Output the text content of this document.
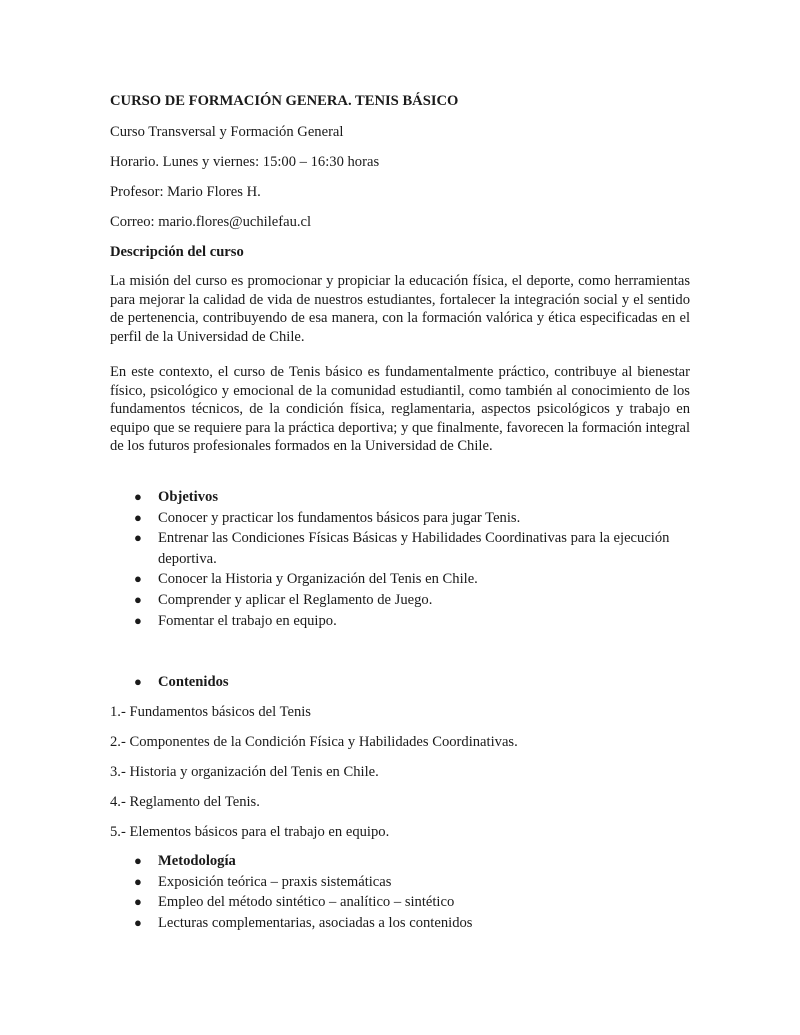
CURSO DE FORMACIÓN GENERA. TENIS BÁSICO
Curso Transversal y Formación General
Horario. Lunes y viernes: 15:00 – 16:30 horas
Profesor: Mario Flores H.
Correo: mario.flores@uchilefau.cl
Descripción del curso
La misión del curso es promocionar y propiciar la educación física, el deporte, como herramientas para mejorar la calidad de vida de nuestros estudiantes, fortalecer la integración social y el sentido de pertenencia, contribuyendo de esa manera, con la formación valórica y ética especificadas en el perfil de la Universidad de Chile.
En este contexto, el curso de Tenis básico es fundamentalmente práctico, contribuye al bienestar físico, psicológico y emocional de la comunidad estudiantil, como también al conocimiento de los fundamentos técnicos, de la condición física, reglamentaria, aspectos psicológicos y trabajo en equipo que se requiere para la práctica deportiva; y que finalmente, favorecen la formación integral de los futuros profesionales formados en la Universidad de Chile.
● Objetivos
● Conocer y practicar los fundamentos básicos para jugar Tenis.
● Entrenar las Condiciones Físicas Básicas y Habilidades Coordinativas para la ejecución deportiva.
● Conocer la Historia y Organización del Tenis en Chile.
● Comprender y aplicar el Reglamento de Juego.
● Fomentar el trabajo en equipo.
● Contenidos
1.- Fundamentos básicos del Tenis
2.- Componentes de la Condición Física y Habilidades Coordinativas.
3.- Historia y organización del Tenis en Chile.
4.- Reglamento del Tenis.
5.- Elementos básicos para el trabajo en equipo.
● Metodología
● Exposición teórica – praxis sistemáticas
● Empleo del método sintético – analítico – sintético
● Lecturas complementarias, asociadas a los contenidos
